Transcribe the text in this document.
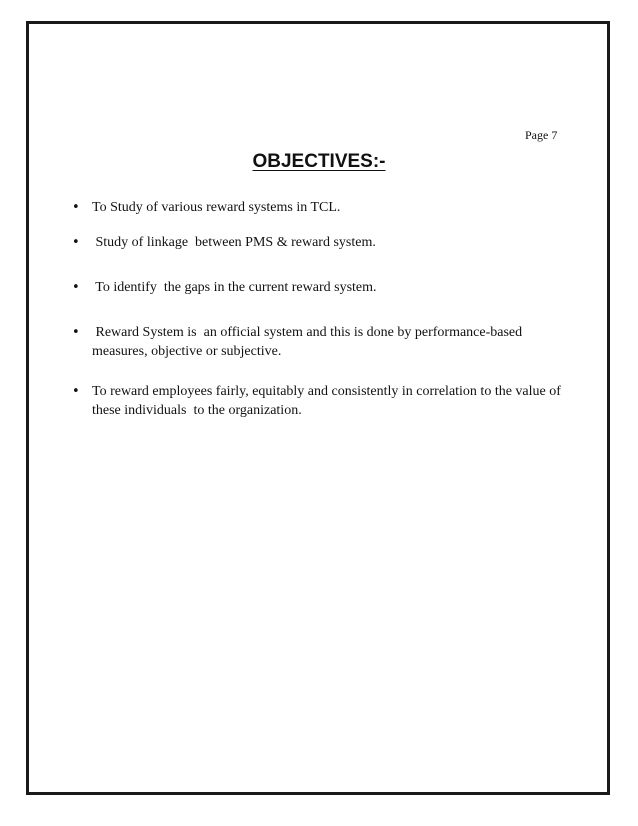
Page 7
OBJECTIVES:-
• To Study of various reward systems in TCL.
• Study of linkage  between PMS & reward system.
• To identify  the gaps in the current reward system.
• Reward System is  an official system and this is done by performance-based measures, objective or subjective.
• To reward employees fairly, equitably and consistently in correlation to the value of these individuals  to the organization.
